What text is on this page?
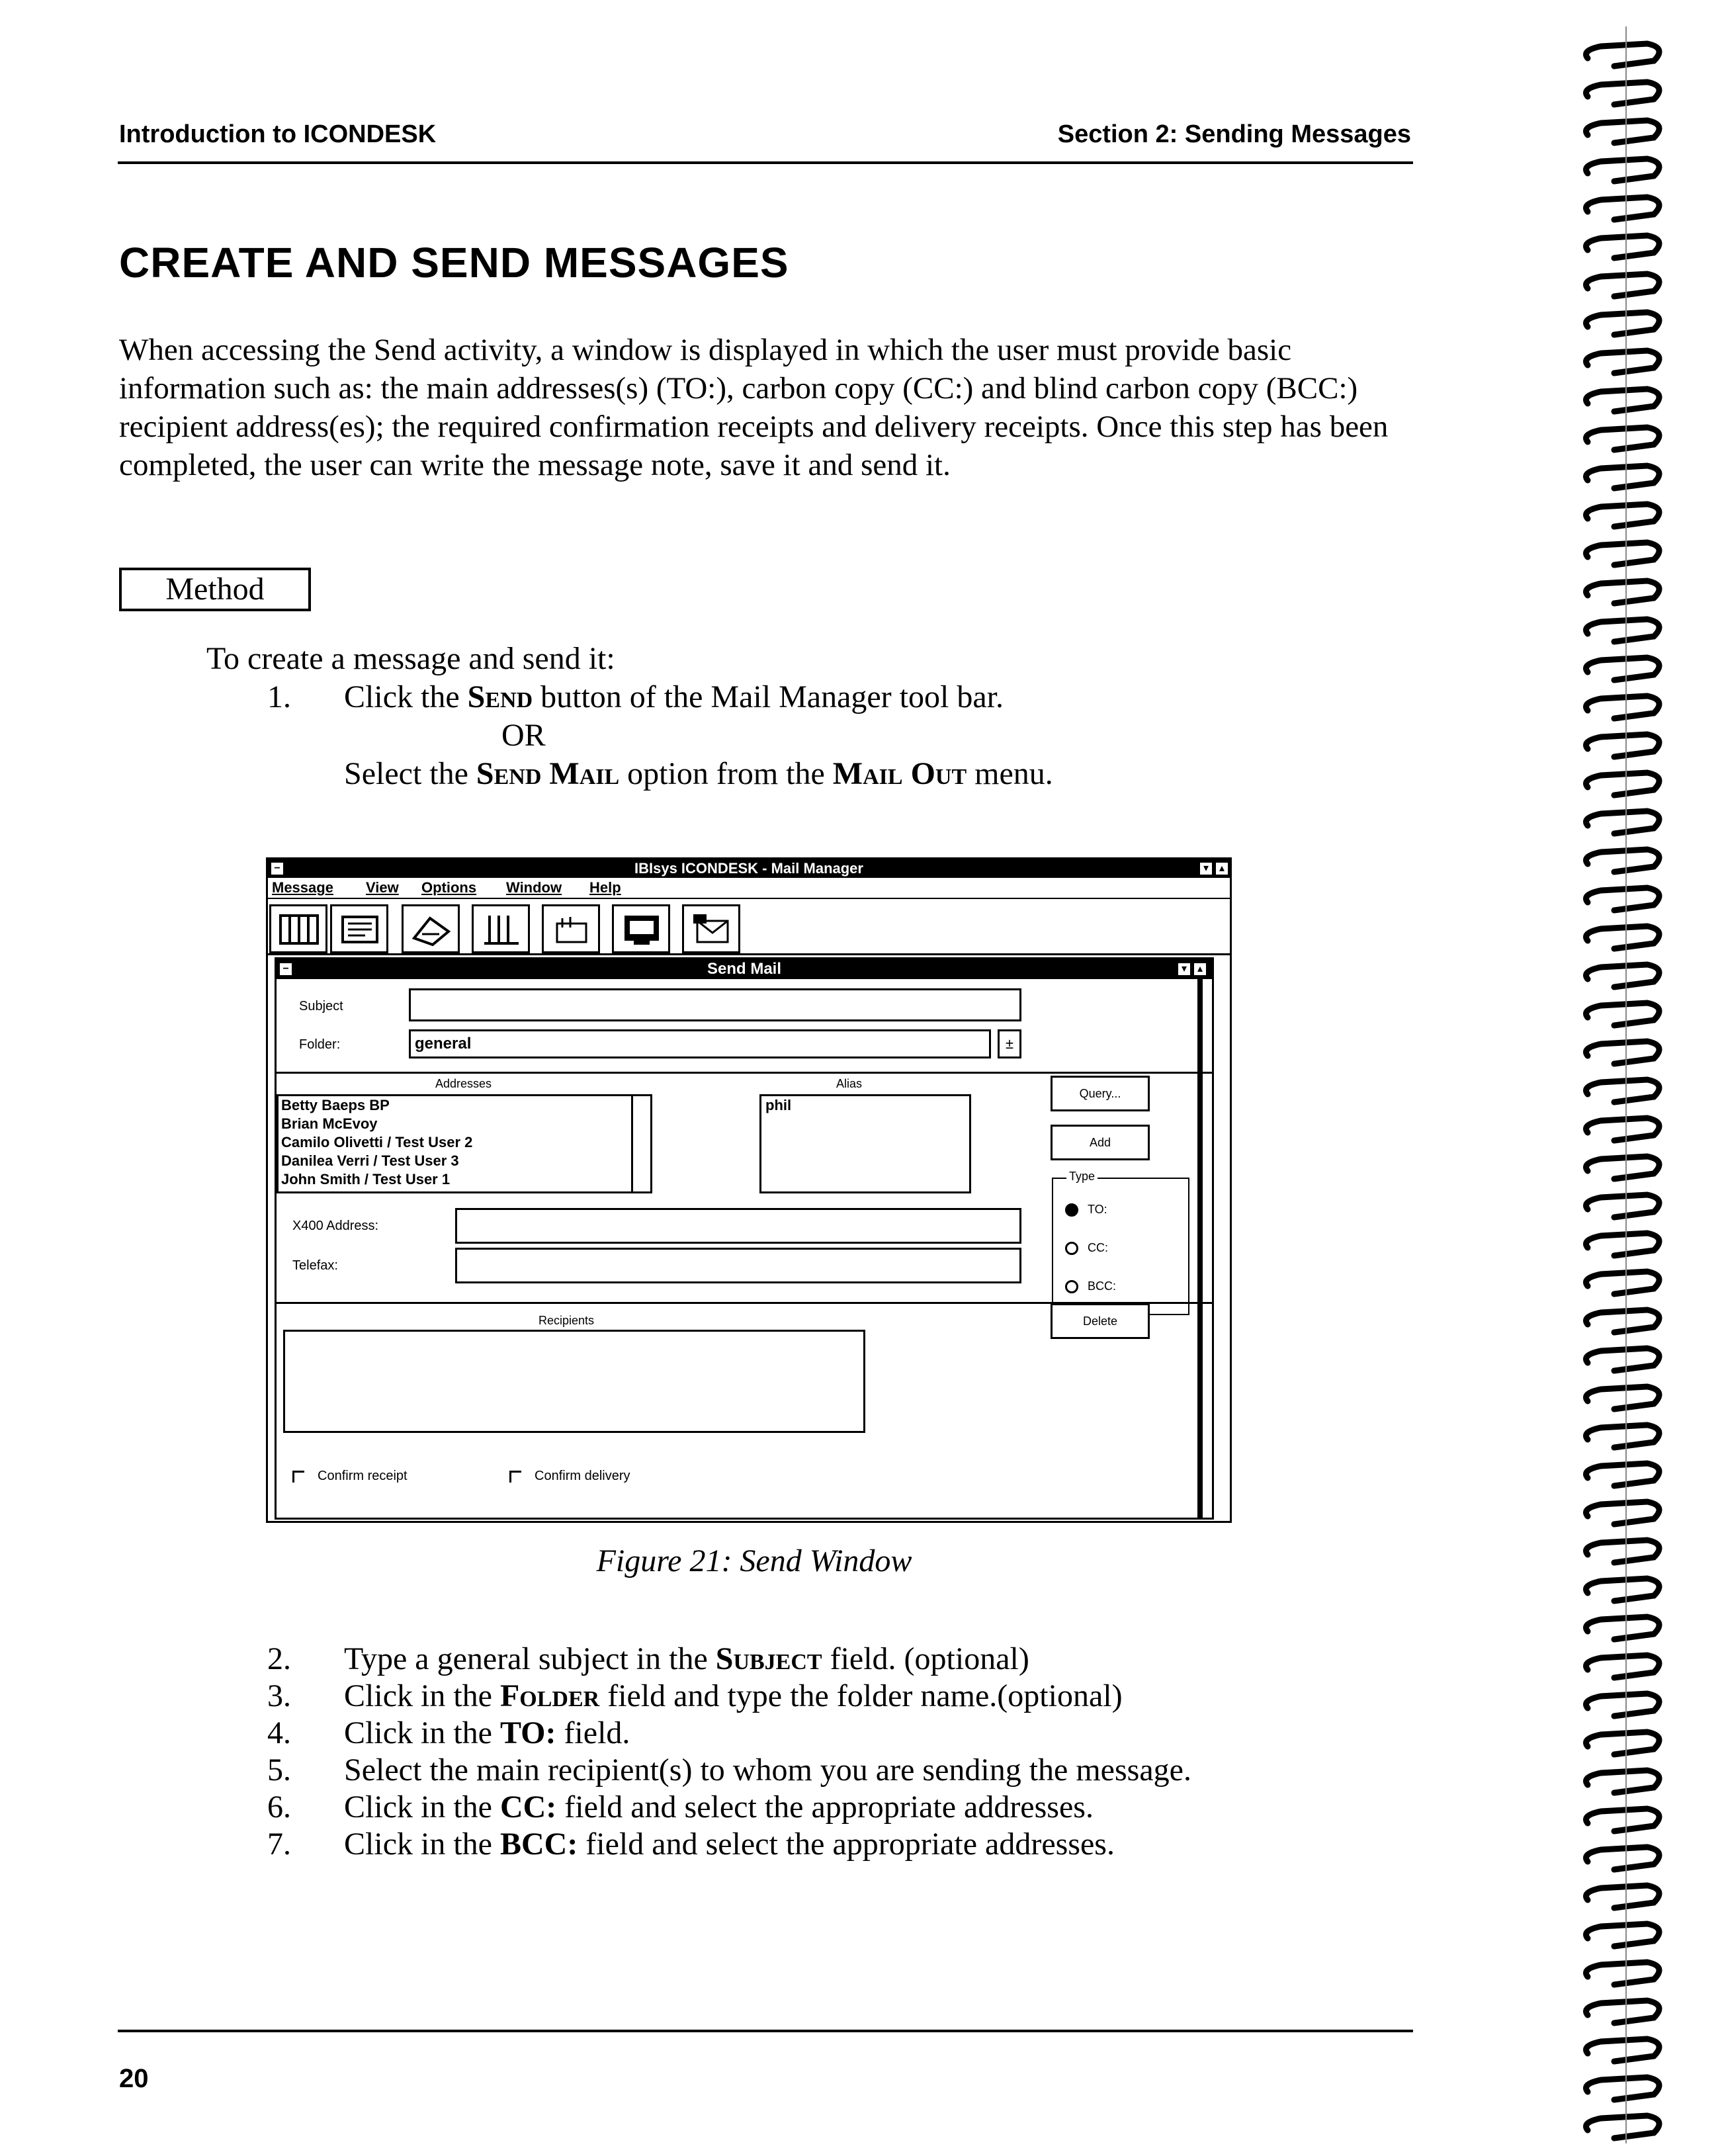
Introduction to ICONDESK	Section 2: Sending Messages
CREATE AND SEND MESSAGES
When accessing the Send activity, a window is displayed in which the user must provide basic information such as: the main addresses(s) (TO:), carbon copy (CC:) and blind carbon copy (BCC:) recipient address(es); the required confirmation receipts and delivery receipts. Once this step has been completed, the user can write the message note, save it and send it.
Method
To create a message and send it:
1. Click the Send button of the Mail Manager tool bar.
OR
Select the Send Mail option from the Mail Out menu.
−	IBIsys ICONDESK - Mail Manager	▾ ▴
Message View Options Window Help
−	Send Mail	▾ ▴
Subject
Folder:	general	±
Addresses
Betty Baeps BP
Brian McEvoy
Camilo Olivetti / Test User 2
Danilea Verri / Test User 3
John Smith / Test User 1
Alias
phil
Query...
Add
Type
TO:
CC:
BCC:
X400 Address:
Telefax:
Recipients	Delete
Confirm receipt	Confirm delivery
Figure 21: Send Window
2. Type a general subject in the Subject field. (optional)
3. Click in the Folder field and type the folder name.(optional)
4. Click in the TO: field.
5. Select the main recipient(s) to whom you are sending the message.
6. Click in the CC: field and select the appropriate addresses.
7. Click in the BCC: field and select the appropriate addresses.
20
